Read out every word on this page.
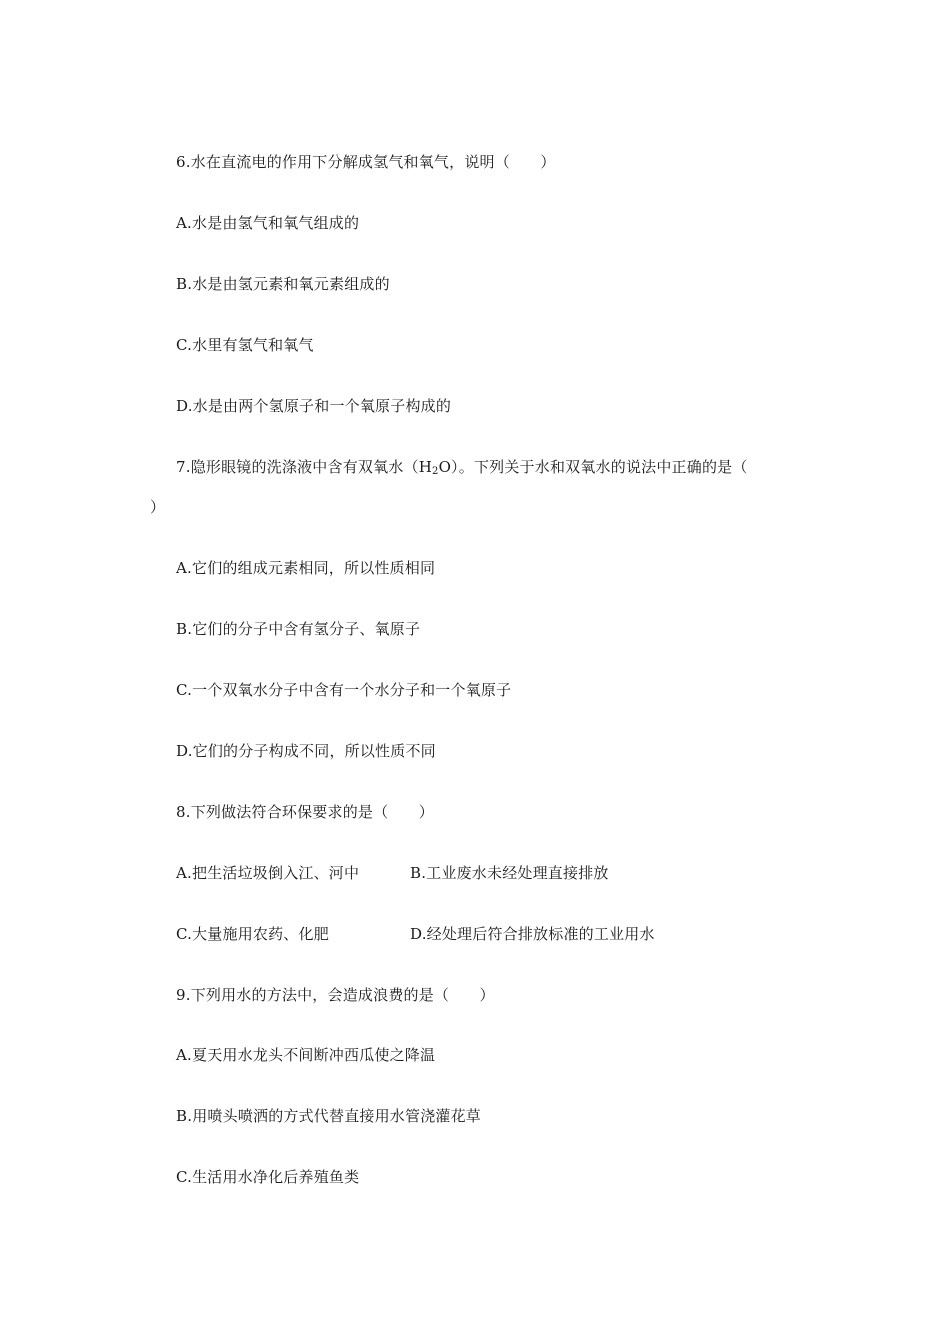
6.水在直流电的作用下分解成氢气和氧气，说明（　　）
A.水是由氢气和氧气组成的
B.水是由氢元素和氧元素组成的
C.水里有氢气和氧气
D.水是由两个氢原子和一个氧原子构成的
7.隐形眼镜的洗涤液中含有双氧水$(H_2O)$。下列关于水和双氧水的说法中正确的是（
）
A.它们的组成元素相同，所以性质相同
B.它们的分子中含有氢分子、氧原子
C.一个双氧水分子中含有一个水分子和一个氧原子
D.它们的分子构成不同，所以性质不同
8.下列做法符合环保要求的是（　　）
A.把生活垃圾倒入江、河中	B.工业废水未经处理直接排放
C.大量施用农药、化肥	D.经处理后符合排放标准的工业用水
9.下列用水的方法中，会造成浪费的是（　　）
A.夏天用水龙头不间断冲西瓜使之降温
B.用喷头喷洒的方式代替直接用水管浇灌花草
C.生活用水净化后养殖鱼类
